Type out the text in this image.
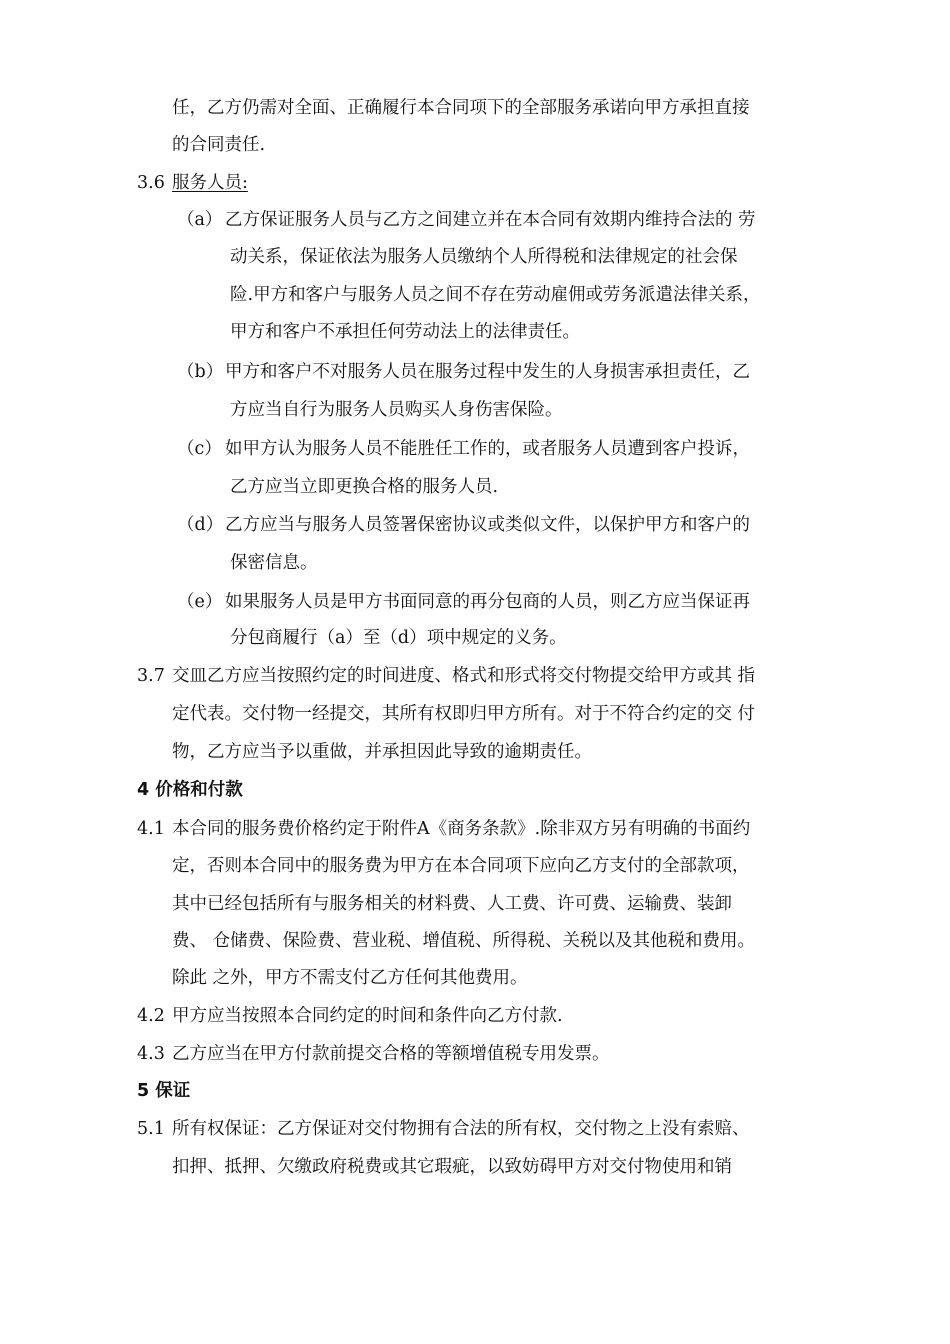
任，乙方仍需对全面、正确履行本合同项下的全部服务承诺向甲方承担直接
的合同责任.
3.6 服务人员:
（a） 乙方保证服务人员与乙方之间建立并在本合同有效期内维持合法的 劳
动关系，保证依法为服务人员缴纳个人所得税和法律规定的社会保
险.甲方和客户与服务人员之间不存在劳动雇佣或劳务派遣法律关系，
甲方和客户不承担任何劳动法上的法律责任。
（b） 甲方和客户不对服务人员在服务过程中发生的人身损害承担责任，乙
方应当自行为服务人员购买人身伤害保险。
（c） 如甲方认为服务人员不能胜任工作的，或者服务人员遭到客户投诉，
乙方应当立即更换合格的服务人员.
（d） 乙方应当与服务人员签署保密协议或类似文件，以保护甲方和客户的
保密信息。
（e） 如果服务人员是甲方书面同意的再分包商的人员，则乙方应当保证再
分包商履行（a）至（d）项中规定的义务。
3.7 交皿乙方应当按照约定的时间进度、格式和形式将交付物提交给甲方或其 指
定代表。交付物一经提交，其所有权即归甲方所有。对于不符合约定的交 付
物，乙方应当予以重做，并承担因此导致的逾期责任。
4 价格和付款
4.1 本合同的服务费价格约定于附件A《商务条款》.除非双方另有明确的书面约
定，否则本合同中的服务费为甲方在本合同项下应向乙方支付的全部款项，
其中已经包括所有与服务相关的材料费、人工费、许可费、运输费、装卸
费、 仓储费、保险费、营业税、增值税、所得税、关税以及其他税和费用。
除此 之外，甲方不需支付乙方任何其他费用。
4.2 甲方应当按照本合同约定的时间和条件向乙方付款.
4.3 乙方应当在甲方付款前提交合格的等额增值税专用发票。
5 保证
5.1 所有权保证：乙方保证对交付物拥有合法的所有权，交付物之上没有索赔、
扣押、抵押、欠缴政府税费或其它瑕疵，以致妨碍甲方对交付物使用和销
